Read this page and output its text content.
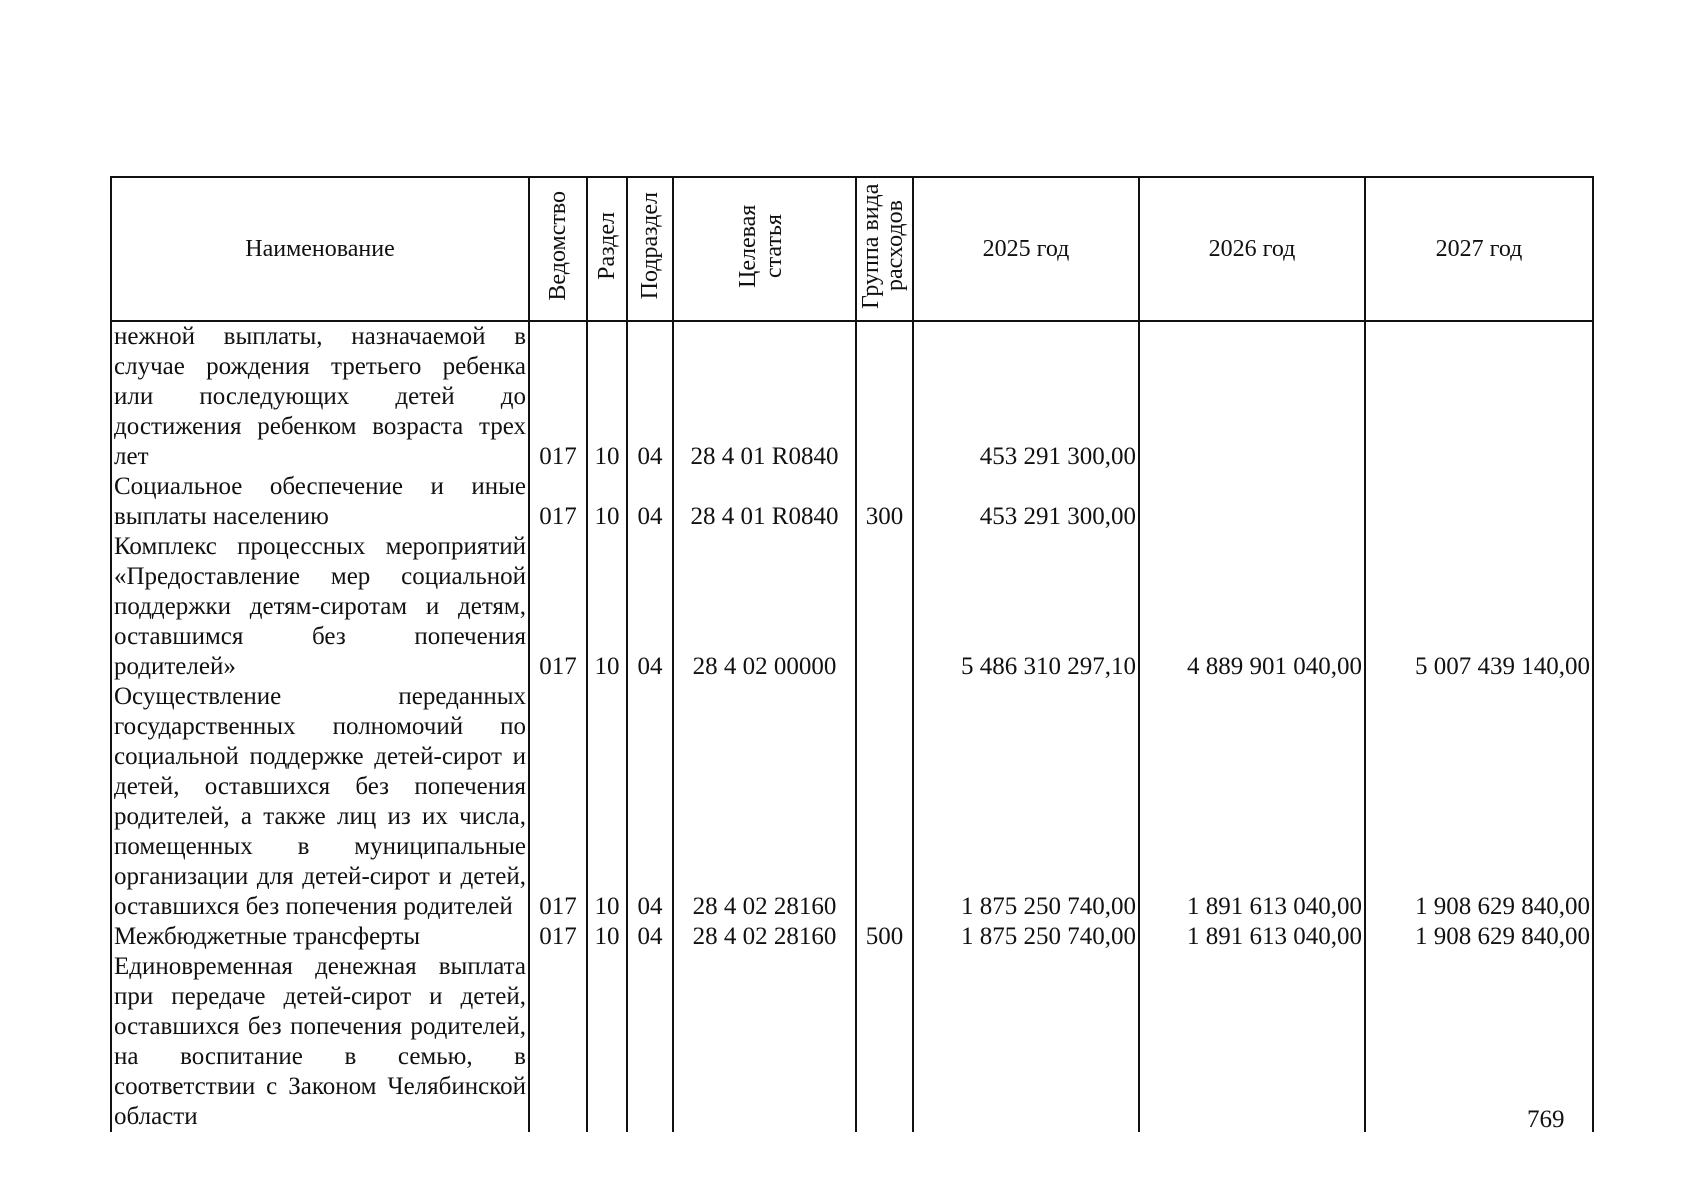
Наименование	Ведомство	Раздел	Подраздел	Целевая статья	Группа вида расходов	2025 год	2026 год	2027 год
нежной выплаты, назначаемой в случае рождения третьего ребенка или последующих детей до достижения ребенком возраста трех лет	017	10	04	28 4 01 R0840		453 291 300,00		
Социальное обеспечение и иные выплаты населению	017	10	04	28 4 01 R0840	300	453 291 300,00		
Комплекс процессных мероприятий «Предоставление мер социальной поддержки детям-сиротам и детям, оставшимся без попечения родителей»	017	10	04	28 4 02 00000		5 486 310 297,10	4 889 901 040,00	5 007 439 140,00
Осуществление переданных государственных полномочий по социальной поддержке детей-сирот и детей, оставшихся без попечения родителей, а также лиц из их числа, помещенных в муниципальные организации для детей-сирот и детей, оставшихся без попечения родителей	017	10	04	28 4 02 28160		1 875 250 740,00	1 891 613 040,00	1 908 629 840,00
Межбюджетные трансферты	017	10	04	28 4 02 28160	500	1 875 250 740,00	1 891 613 040,00	1 908 629 840,00
Единовременная денежная выплата при передаче детей-сирот и детей, оставшихся без попечения родителей, на воспитание в семью, в соответствии с Законом Челябинской области									769
